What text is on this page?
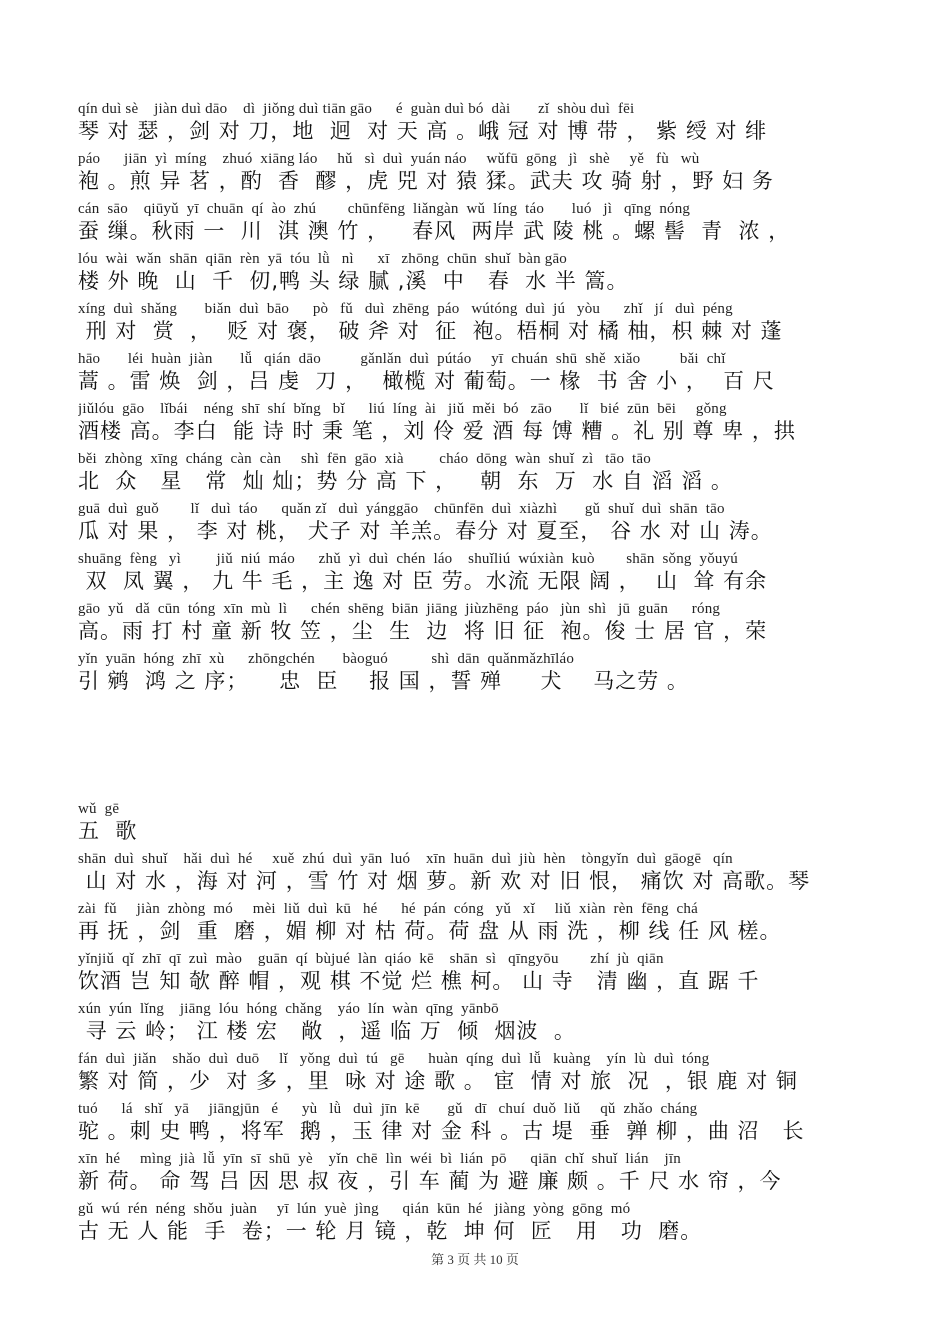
qín duì sè    jiàn duì dāo    dì  jiǒng duì tiān gāo      é  guàn duì bó  dài       zǐ  shòu duì  fēi
琴 对 瑟 ，剑 对 刀，地  迥  对 天 高 。峨 冠 对 博 带 ， 紫 绶 对 绯
páo      jiān  yì  míng    zhuó  xiāng láo     hǔ   sì  duì  yuán náo     wǔfū  gōng   jì   shè     yě   fù   wù
袍 。煎 异 茗 ，酌  香  醪 ，虎 兕 对 猿 猱。武夫 攻 骑 射 ，野 妇 务
cán  sāo    qiūyǔ  yī  chuān  qí  ào  zhú        chūnfēng  liǎngàn  wǔ  líng  táo       luó   jì   qīng  nóng
蚕 缫。秋雨 一  川  淇 澳 竹 ，   春风  两岸 武 陵 桃 。螺 髻  青  浓 ，
lóu  wài  wǎn  shān  qiān  rèn  yā  tóu  lǜ   nì      xī   zhōng  chūn  shuǐ  bàn gāo
楼 外 晚  山  千  仞,鸭 头 绿 腻 ,溪  中   春  水 半 篙。
xíng  duì  shǎng       biǎn  duì  bāo      pò   fǔ   duì  zhēng  páo   wútóng  duì  jú   yòu      zhǐ   jí   duì  péng
刑 对  赏  ，  贬 对 褒， 破 斧 对  征  袍。梧桐 对 橘 柚，枳 棘 对 蓬
hāo       léi  huàn  jiàn       lǚ   qián  dāo          gǎnlǎn  duì  pútáo     yī  chuán  shū  shě  xiǎo          bǎi  chǐ
蒿 。雷 焕  剑 ，吕 虔  刀 ，  橄榄 对 葡萄。一 椽  书 舍 小 ，  百 尺
jiǔlóu  gāo    lǐbái    néng  shī  shí  bǐng   bǐ      liú  líng  ài   jiǔ  měi  bó   zāo       lǐ   bié  zūn  bēi     gǒng
酒楼 高。李白  能 诗 时 秉 笔 ，刘 伶 爱 酒 每 馎 糟 。礼 别 尊 卑 ，拱
běi  zhòng  xīng  cháng  càn  càn     shì  fēn  gāo  xià         cháo  dōng  wàn  shuǐ  zì   tāo  tāo
北  众   星   常  灿 灿；势 分 高 下 ，   朝  东  万  水 自 滔 滔 。
guā  duì  guǒ        lǐ   duì  táo      quǎn zǐ   duì  yánggāo    chūnfēn  duì  xiàzhì       gǔ  shuǐ  duì  shān  tāo
瓜 对 果 ， 李 对 桃， 犬子 对 羊羔。春分 对 夏至， 谷 水 对 山 涛。
shuāng  fèng   yì         jiǔ  niú  máo      zhǔ  yì  duì  chén  láo    shuǐliú  wúxiàn  kuò        shān  sǒng  yǒuyú
双  凤 翼 ， 九 牛 毛 ，主 逸 对 臣 劳。水流 无限 阔 ，  山  耸 有余
gāo  yǔ   dǎ  cūn  tóng  xīn  mù  lì      chén  shēng  biān  jiāng  jiùzhēng  páo   jùn  shì   jū  guān      róng
高。雨 打 村 童 新 牧 笠 ，尘  生  边  将 旧 征  袍。俊 士 居 官 ，荣
yǐn  yuān  hóng  zhī  xù      zhōngchén       bàoguó           shì  dān  quǎnmǎzhīláo
引 鹓  鸿 之 序；    忠  臣    报 国 ，誓 殚     犬    马之劳 。
wǔ  gē
五  歌
shān  duì  shuǐ    hǎi  duì  hé     xuě  zhú  duì  yān  luó    xīn  huān  duì  jiù  hèn    tòngyǐn  duì  gāogē   qín
山 对 水 ，海 对 河 ，雪 竹 对 烟 萝。新 欢 对 旧 恨， 痛饮 对 高歌。琴
zài  fǔ     jiàn  zhòng  mó     mèi  liǔ  duì  kū   hé      hé  pán  cóng   yǔ   xǐ     liǔ  xiàn  rèn  fēng  chá
再 抚 ，剑  重  磨 ，媚 柳 对 枯 荷。荷 盘 从 雨 洗 ，柳 线 任 风 槎。
yǐnjiǔ  qǐ  zhī  qī  zuì  mào    guān  qí  bùjué  làn  qiáo  kē    shān  sì   qīngyōu        zhí  jù  qiān
饮酒 岂 知 欹 醉 帽 ，观 棋 不觉 烂 樵 柯。 山 寺   清 幽 ，直 踞 千
xún  yún  lǐng    jiāng  lóu  hóng  chǎng    yáo  lín  wàn  qīng  yānbō
寻 云 岭； 江 楼 宏   敞  ，遥 临 万  倾  烟波  。
fán  duì  jiǎn    shǎo  duì  duō     lǐ   yǒng  duì  tú   gē      huàn  qíng  duì  lǚ   kuàng    yín  lù  duì  tóng
繁 对 简 ，少  对 多 ，里  咏 对 途 歌 。 宦  情 对 旅  况  ，银 鹿 对 铜
tuó      lá   shǐ   yā     jiāngjūn   é      yù   lǜ   duì  jīn  kē       gǔ   dī   chuí  duǒ  liǔ     qǔ  zhǎo  cháng
驼 。刺 史 鸭 ，将军  鹅 ，玉 律 对 金 科 。古 堤  垂  亸 柳 ，曲 沼   长
xīn  hé     mìng  jià  lǚ  yīn  sī  shū  yè    yǐn  chē  lìn  wéi  bì  lián  pō      qiān  chǐ  shuǐ  lián    jīn
新 荷。 命 驾 吕 因 思 叔 夜 ，引 车 蔺 为 避 廉 颇 。千 尺 水 帘 ，今
gǔ  wú  rén  néng  shǒu  juàn     yī  lún  yuè  jìng      qián  kūn  hé   jiàng  yòng  gōng  mó
古 无 人 能  手  卷；一 轮 月 镜 ，乾  坤 何  匠   用   功  磨。
第 3 页 共 10 页
